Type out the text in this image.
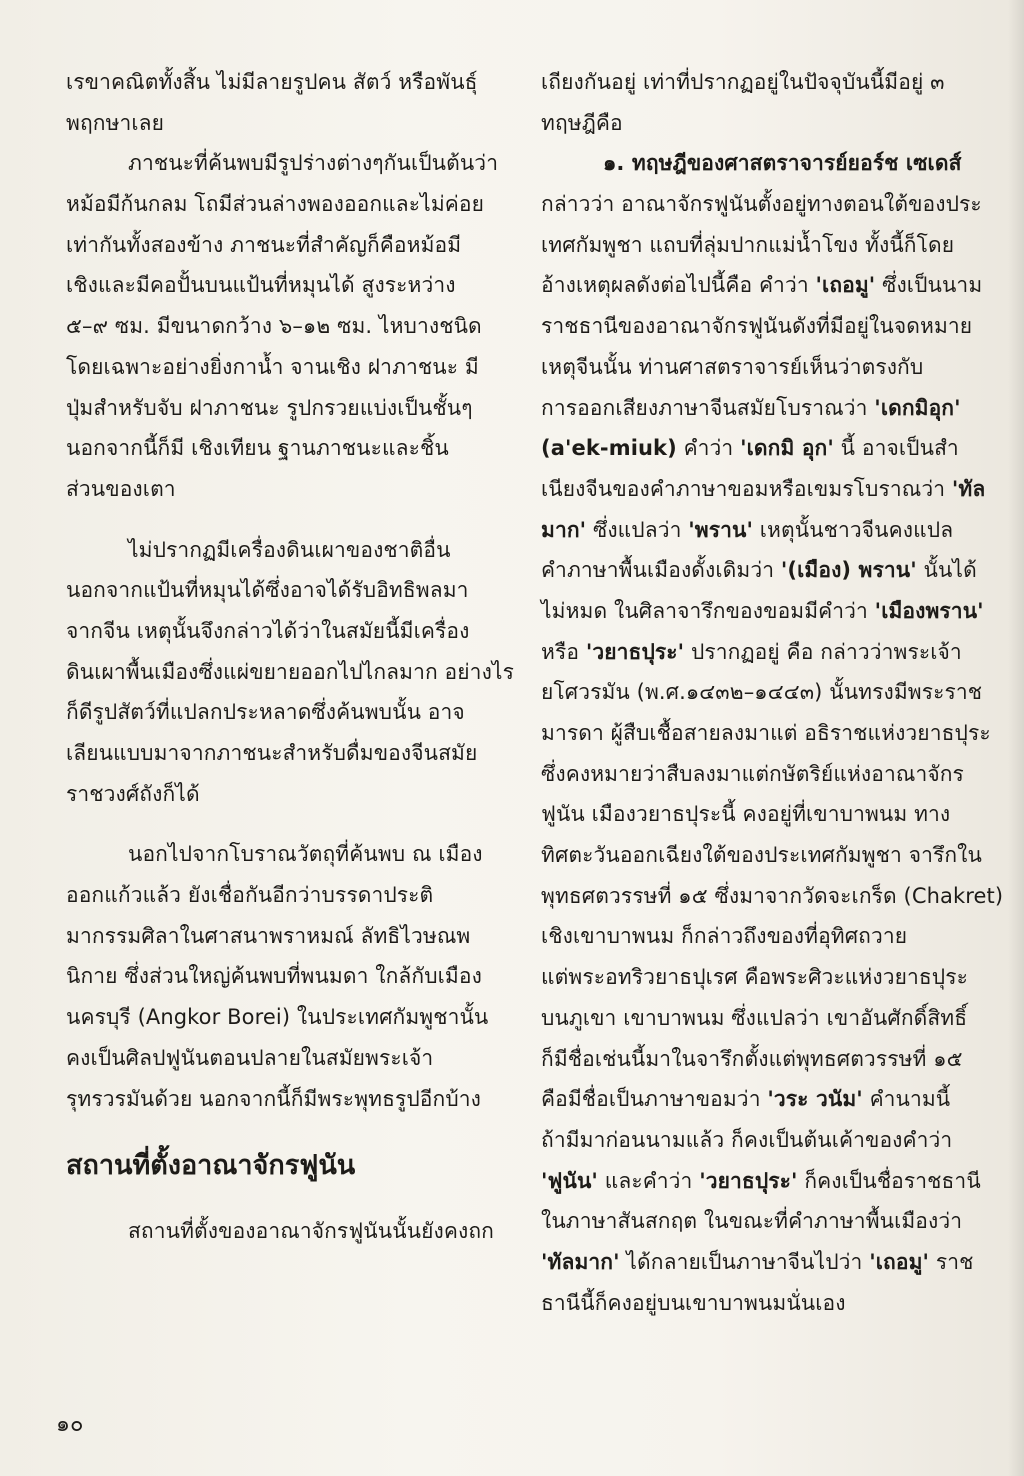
เรขาคณิตทั้งสิ้น ไม่มีลายรูปคน สัตว์ หรือพันธุ์
พฤกษาเลย
ภาชนะที่ค้นพบมีรูปร่างต่างๆกันเป็นต้นว่า
หม้อมีก้นกลม โถมีส่วนล่างพองออกและไม่ค่อย
เท่ากันทั้งสองข้าง ภาชนะที่สำคัญก็คือหม้อมี
เชิงและมีคอปั้นบนแป้นที่หมุนได้ สูงระหว่าง
๕–๙ ซม. มีขนาดกว้าง ๖–๑๒ ซม. ไหบางชนิด
โดยเฉพาะอย่างยิ่งกาน้ำ จานเชิง ฝาภาชนะ มี
ปุ่มสำหรับจับ ฝาภาชนะ รูปกรวยแบ่งเป็นชั้นๆ
นอกจากนี้ก็มี เชิงเทียน ฐานภาชนะและชิ้น
ส่วนของเตา
ไม่ปรากฏมีเครื่องดินเผาของชาติอื่น
นอกจากแป้นที่หมุนได้ซึ่งอาจได้รับอิทธิพลมา
จากจีน เหตุนั้นจึงกล่าวได้ว่าในสมัยนี้มีเครื่อง
ดินเผาพื้นเมืองซึ่งแผ่ขยายออกไปไกลมาก อย่างไร
ก็ดีรูปสัตว์ที่แปลกประหลาดซึ่งค้นพบนั้น อาจ
เลียนแบบมาจากภาชนะสำหรับดื่มของจีนสมัย
ราชวงศ์ถังก็ได้
นอกไปจากโบราณวัตถุที่ค้นพบ ณ เมือง
ออกแก้วแล้ว ยังเชื่อกันอีกว่าบรรดาประติ
มากรรมศิลาในศาสนาพราหมณ์ ลัทธิไวษณพ
นิกาย ซึ่งส่วนใหญ่ค้นพบที่พนมดา ใกล้กับเมือง
นครบุรี (Angkor Borei) ในประเทศกัมพูชานั้น
คงเป็นศิลปฟูนันตอนปลายในสมัยพระเจ้า
รุทรวรมันด้วย นอกจากนี้ก็มีพระพุทธรูปอีกบ้าง
สถานที่ตั้งอาณาจักรฟูนัน
สถานที่ตั้งของอาณาจักรฟูนันนั้นยังคงถก
เถียงกันอยู่ เท่าที่ปรากฏอยู่ในปัจจุบันนี้มีอยู่ ๓
ทฤษฎีคือ
๑. ทฤษฎีของศาสตราจารย์ยอร์ช เซเดส์
กล่าวว่า อาณาจักรฟูนันตั้งอยู่ทางตอนใต้ของประ
เทศกัมพูชา แถบที่ลุ่มปากแม่น้ำโขง ทั้งนี้ก็โดย
อ้างเหตุผลดังต่อไปนี้คือ คำว่า 'เถอมู' ซึ่งเป็นนาม
ราชธานีของอาณาจักรฟูนันดังที่มีอยู่ในจดหมาย
เหตุจีนนั้น ท่านศาสตราจารย์เห็นว่าตรงกับ
การออกเสียงภาษาจีนสมัยโบราณว่า 'เดกมิอุก'
(a'ek-miuk) คำว่า 'เดกมิ อุก' นี้ อาจเป็นสำ
เนียงจีนของคำภาษาขอมหรือเขมรโบราณว่า 'ทัล
มาก' ซึ่งแปลว่า 'พราน' เหตุนั้นชาวจีนคงแปล
คำภาษาพื้นเมืองดั้งเดิมว่า '(เมือง) พราน' นั้นได้
ไม่หมด ในศิลาจารึกของขอมมีคำว่า 'เมืองพราน'
หรือ 'วยาธปุระ' ปรากฏอยู่ คือ กล่าวว่าพระเจ้า
ยโศวรมัน (พ.ศ.๑๔๓๒–๑๔๔๓) นั้นทรงมีพระราช
มารดา ผู้สืบเชื้อสายลงมาแต่ อธิราชแห่งวยาธปุระ
ซึ่งคงหมายว่าสืบลงมาแต่กษัตริย์แห่งอาณาจักร
ฟูนัน เมืองวยาธปุระนี้ คงอยู่ที่เขาบาพนม ทาง
ทิศตะวันออกเฉียงใต้ของประเทศกัมพูชา จารึกใน
พุทธศตวรรษที่ ๑๕ ซึ่งมาจากวัดจะเกร็ด (Chakret)
เชิงเขาบาพนม ก็กล่าวถึงของที่อุทิศถวาย
แต่พระอทริวยาธปุเรศ คือพระศิวะแห่งวยาธปุระ
บนภูเขา เขาบาพนม ซึ่งแปลว่า เขาอันศักดิ์สิทธิ์
ก็มีชื่อเช่นนี้มาในจารึกตั้งแต่พุทธศตวรรษที่ ๑๕
คือมีชื่อเป็นภาษาขอมว่า 'วระ วนัม' คำนามนี้
ถ้ามีมาก่อนนามแล้ว ก็คงเป็นต้นเค้าของคำว่า
'ฟูนัน' และคำว่า 'วยาธปุระ' ก็คงเป็นชื่อราชธานี
ในภาษาสันสกฤต ในขณะที่คำภาษาพื้นเมืองว่า
'ทัลมาก' ได้กลายเป็นภาษาจีนไปว่า 'เถอมู' ราช
ธานีนี้ก็คงอยู่บนเขาบาพนมนั่นเอง
๑๐
